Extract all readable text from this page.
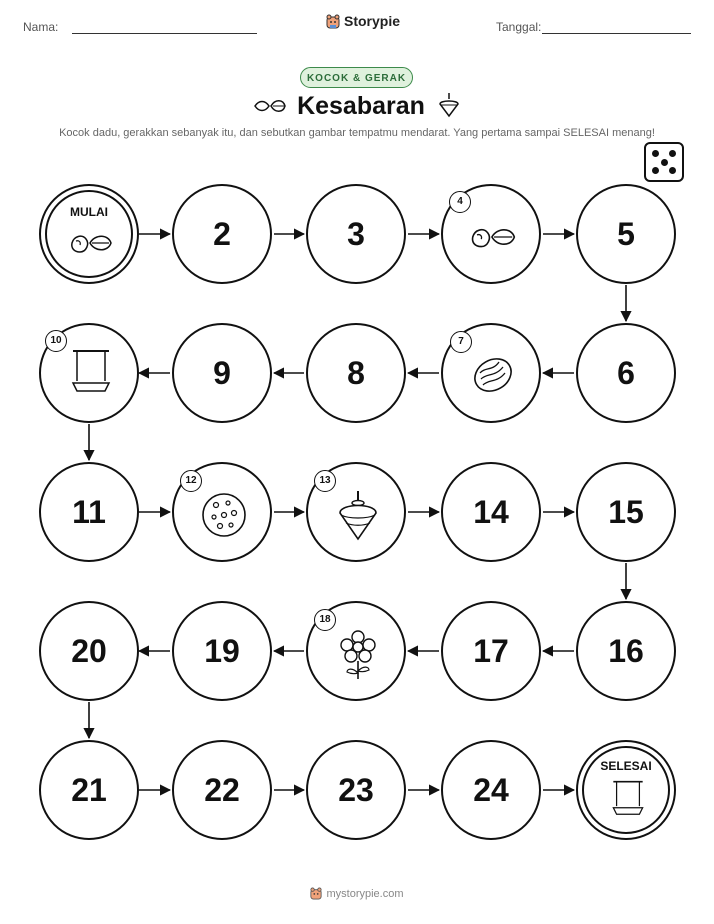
Nama:	Storypie	Tanggal:
KOCOK & GERAK
Kesabaran
Kocok dadu, gerakkan sebanyak itu, dan sebutkan gambar tempatmu mendarat. Yang pertama sampai SELESAI menang!
MULAI
2	3
4
5
10
9	8
7
6
11
12	13
14	15
20	19
18
17	16
21	22	23	24
SELESAI
mystorypie.com
